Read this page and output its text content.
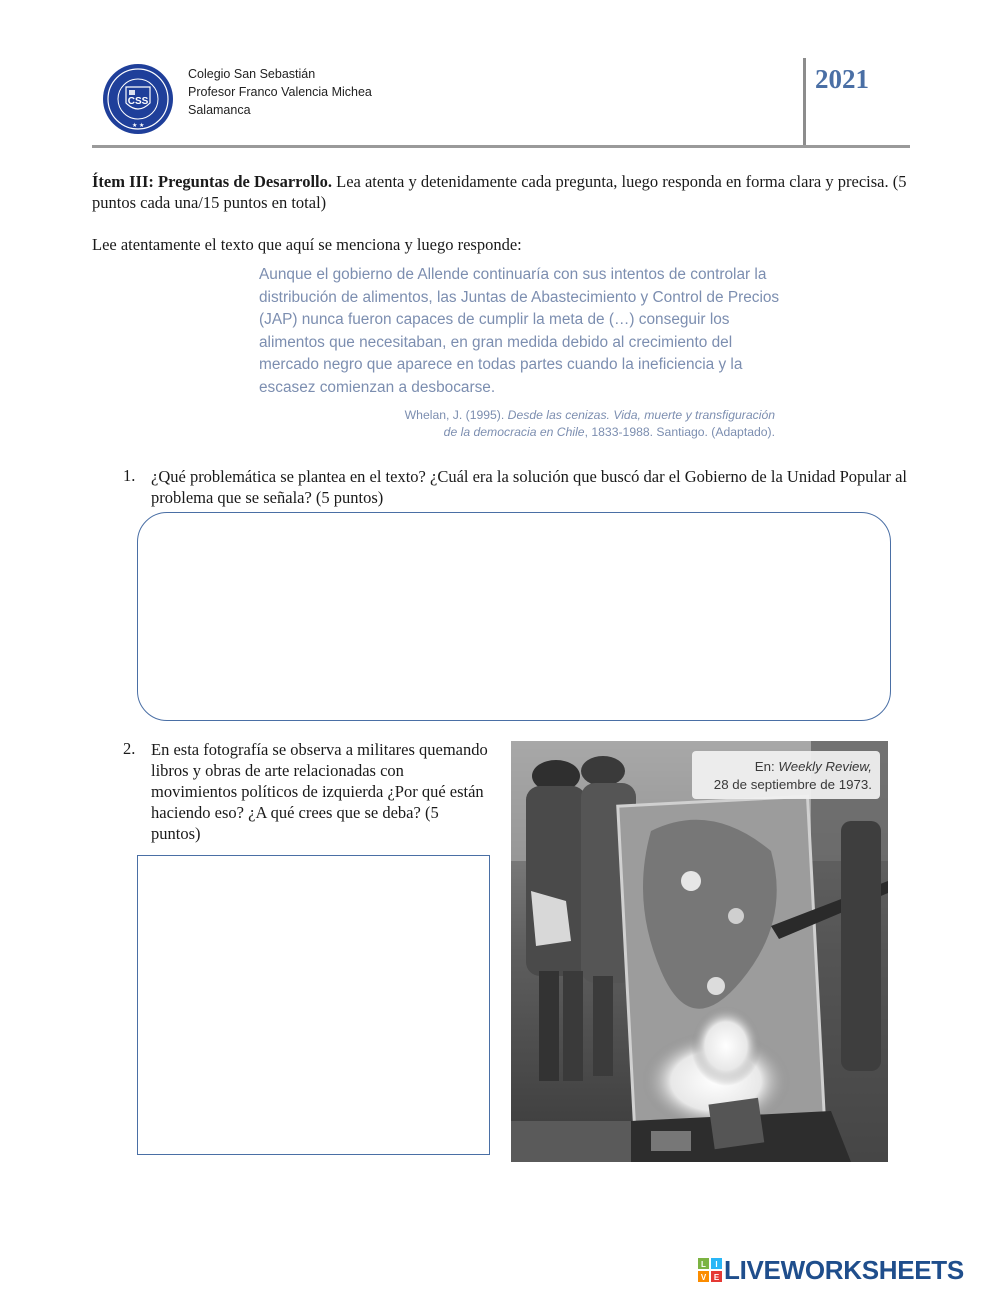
CSS
★ ★
Colegio San Sebastián
Profesor Franco Valencia Michea
Salamanca
2021
Ítem III: Preguntas de Desarrollo. Lea atenta y detenidamente cada pregunta, luego responda en forma clara y precisa. (5 puntos cada una/15 puntos en total)
Lee atentamente el texto que aquí se menciona y luego responde:
Aunque el gobierno de Allende continuaría con sus intentos de controlar la distribución de alimentos, las Juntas de Abastecimiento y Control de Precios (JAP) nunca fueron capaces de cumplir la meta de (…) conseguir los alimentos que necesitaban, en gran medida debido al crecimiento del mercado negro que aparece en todas partes cuando la ineficiencia y la escasez comienzan a desbocarse.
Whelan, J. (1995). Desde las cenizas. Vida, muerte y transfiguración
de la democracia en Chile, 1833-1988. Santiago. (Adaptado).
1. ¿Qué problemática se plantea en el texto? ¿Cuál era la solución que buscó dar el Gobierno de la Unidad Popular al problema que se señala? (5 puntos)
2. En esta fotografía se observa a militares quemando libros y obras de arte relacionadas con movimientos políticos de izquierda ¿Por qué están haciendo eso? ¿A qué crees que se deba? (5 puntos)
En: Weekly Review,
28 de septiembre de 1973.
L I
V E LIVEWORKSHEETS
